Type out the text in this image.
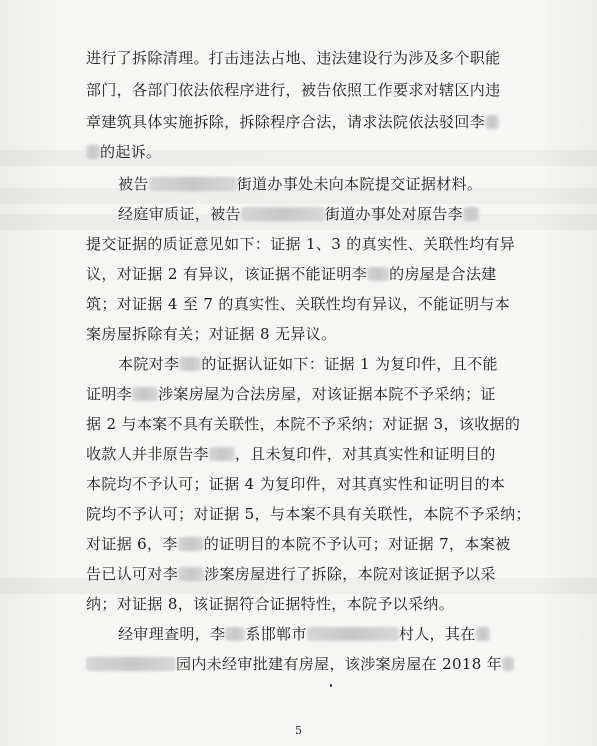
进行了拆除清理。打击违法占地、违法建设行为涉及多个职能
部门，各部门依法依程序进行，被告依照工作要求对辖区内违
章建筑具体实施拆除，拆除程序合法，请求法院依法驳回李
的起诉。
被告	街道办事处未向本院提交证据材料。
经庭审质证，被告	街道办事处对原告李
提交证据的质证意见如下：证据 1、3 的真实性、关联性均有异
议，对证据 2 有异议，该证据不能证明李 的房屋是合法建
筑；对证据 4 至 7 的真实性、关联性均有异议，不能证明与本
案房屋拆除有关；对证据 8 无异议。
本院对李 的证据认证如下：证据 1 为复印件，且不能
证明李 涉案房屋为合法房屋，对该证据本院不予采纳；证
据 2 与本案不具有关联性，本院不予采纳；对证据 3，该收据的
收款人并非原告李 ，且未复印件，对其真实性和证明目的
本院均不予认可；证据 4 为复印件，对其真实性和证明目的本
院均不予认可；对证据 5，与本案不具有关联性，本院不予采纳；
对证据 6，李 的证明目的本院不予认可；对证据 7，本案被
告已认可对李 涉案房屋进行了拆除，本院对该证据予以采
纳；对证据 8，该证据符合证据特性，本院予以采纳。
经审理查明，李 系邯郸市	村人，其在
园内未经审批建有房屋，该涉案房屋在 2018 年
5
